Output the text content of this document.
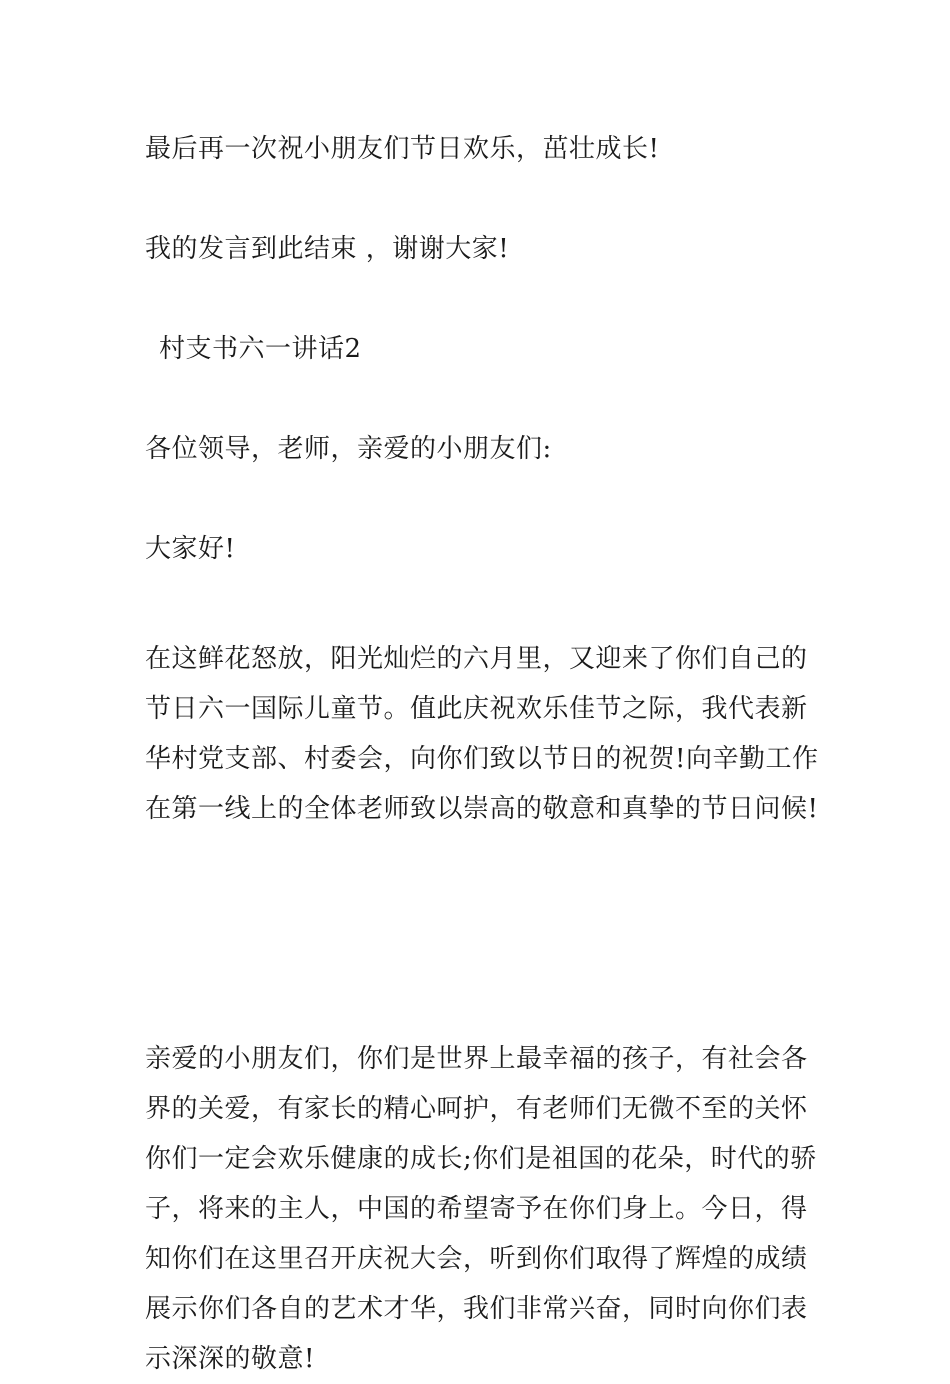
最后再一次祝小朋友们节日欢乐，茁壮成长!
我的发言到此结束 ，谢谢大家!
村支书六一讲话2
各位领导，老师，亲爱的小朋友们:
大家好!
在这鲜花怒放，阳光灿烂的六月里，又迎来了你们自己的
节日六一国际儿童节。值此庆祝欢乐佳节之际，我代表新
华村党支部、村委会，向你们致以节日的祝贺!向辛勤工作
在第一线上的全体老师致以崇高的敬意和真挚的节日问候!
亲爱的小朋友们，你们是世界上最幸福的孩子，有社会各
界的关爱，有家长的精心呵护，有老师们无微不至的关怀
你们一定会欢乐健康的成长;你们是祖国的花朵，时代的骄
子，将来的主人，中国的希望寄予在你们身上。今日，得
知你们在这里召开庆祝大会，听到你们取得了辉煌的成绩
展示你们各自的艺术才华，我们非常兴奋，同时向你们表
示深深的敬意!
